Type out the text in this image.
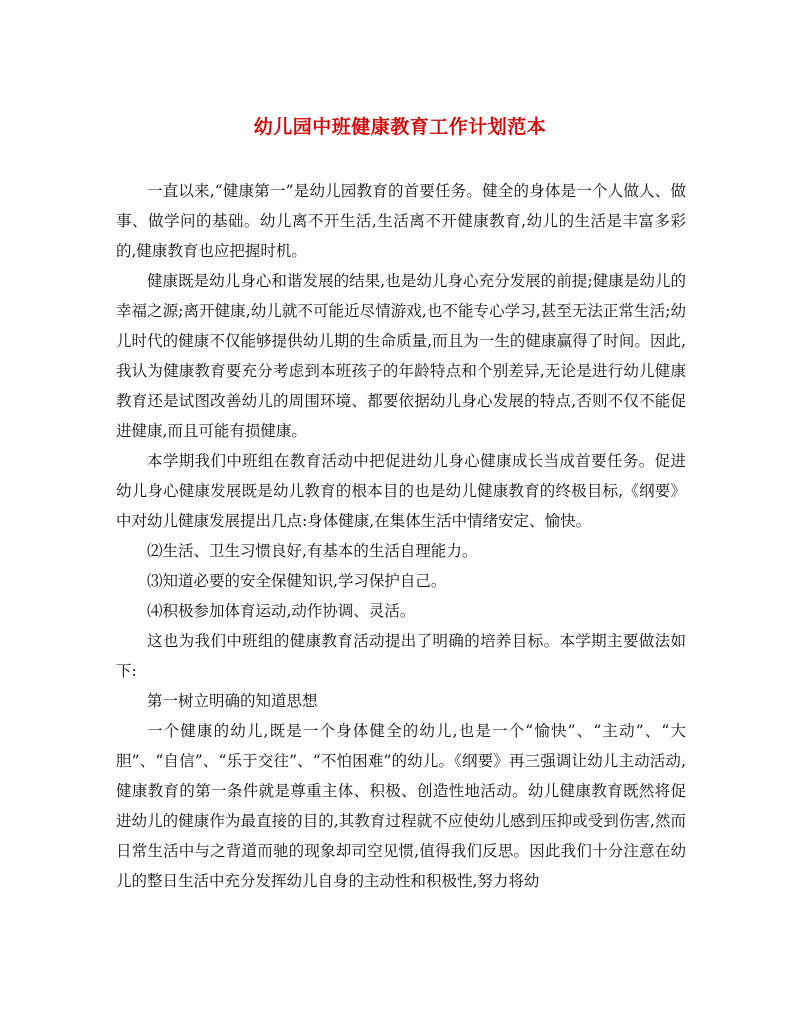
幼儿园中班健康教育工作计划范本

一直以来,“健康第一”是幼儿园教育的首要任务。健全的身体是一个人做人、做事、做学问的基础。幼儿离不开生活,生活离不开健康教育,幼儿的生活是丰富多彩的,健康教育也应把握时机。

健康既是幼儿身心和谐发展的结果,也是幼儿身心充分发展的前提;健康是幼儿的幸福之源;离开健康,幼儿就不可能近尽情游戏,也不能专心学习,甚至无法正常生活;幼儿时代的健康不仅能够提供幼儿期的生命质量,而且为一生的健康赢得了时间。因此,我认为健康教育要充分考虑到本班孩子的年龄特点和个别差异,无论是进行幼儿健康教育还是试图改善幼儿的周围环境、都要依据幼儿身心发展的特点,否则不仅不能促进健康,而且可能有损健康。

本学期我们中班组在教育活动中把促进幼儿身心健康成长当成首要任务。促进幼儿身心健康发展既是幼儿教育的根本目的也是幼儿健康教育的终极目标,《纲要》中对幼儿健康发展提出几点:身体健康,在集体生活中情绪安定、愉快。

⑵生活、卫生习惯良好,有基本的生活自理能力。

⑶知道必要的安全保健知识,学习保护自己。

⑷积极参加体育运动,动作协调、灵活。

这也为我们中班组的健康教育活动提出了明确的培养目标。本学期主要做法如下:

第一树立明确的知道思想

一个健康的幼儿,既是一个身体健全的幼儿,也是一个“愉快”、“主动”、“大胆”、“自信”、“乐于交往”、“不怕困难”的幼儿。《纲要》再三强调让幼儿主动活动,健康教育的第一条件就是尊重主体、积极、创造性地活动。幼儿健康教育既然将促进幼儿的健康作为最直接的目的,其教育过程就不应使幼儿感到压抑或受到伤害,然而日常生活中与之背道而驰的现象却司空见惯,值得我们反思。因此我们十分注意在幼儿的整日生活中充分发挥幼儿自身的主动性和积极性,努力将幼
